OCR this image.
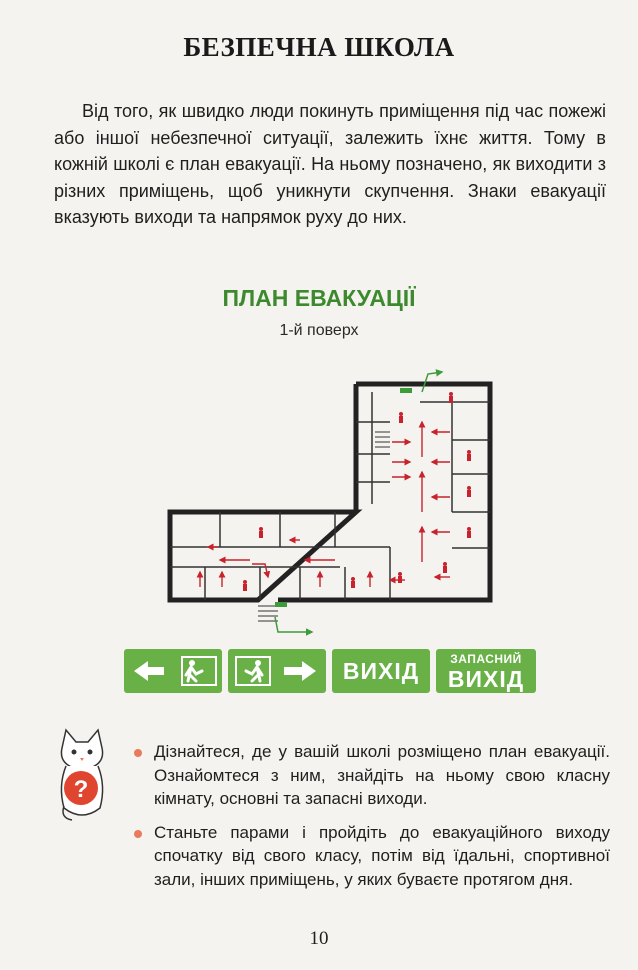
БЕЗПЕЧНА ШКОЛА
Від того, як швидко люди покинуть приміщення під час пожежі або іншої небезпечної ситуації, залежить їхнє життя. Тому в кожній школі є план евакуації. На ньому позначено, як виходити з різних приміщень, щоб уникнути скупчення. Знаки евакуації вказують виходи та напрямок руху до них.
ПЛАН ЕВАКУАЦІЇ
1-й поверх
ВИХІД	ЗАПАСНИЙ
ВИХІД
?
Дізнайтеся, де у вашій школі розміщено план евакуації. Ознайомтеся з ним, знайдіть на ньому свою класну кімнату, основні та запасні виходи.
Станьте парами і пройдіть до евакуаційного виходу спочатку від свого класу, потім від їдальні, спортивної зали, інших приміщень, у яких буваєте протягом дня.
10
